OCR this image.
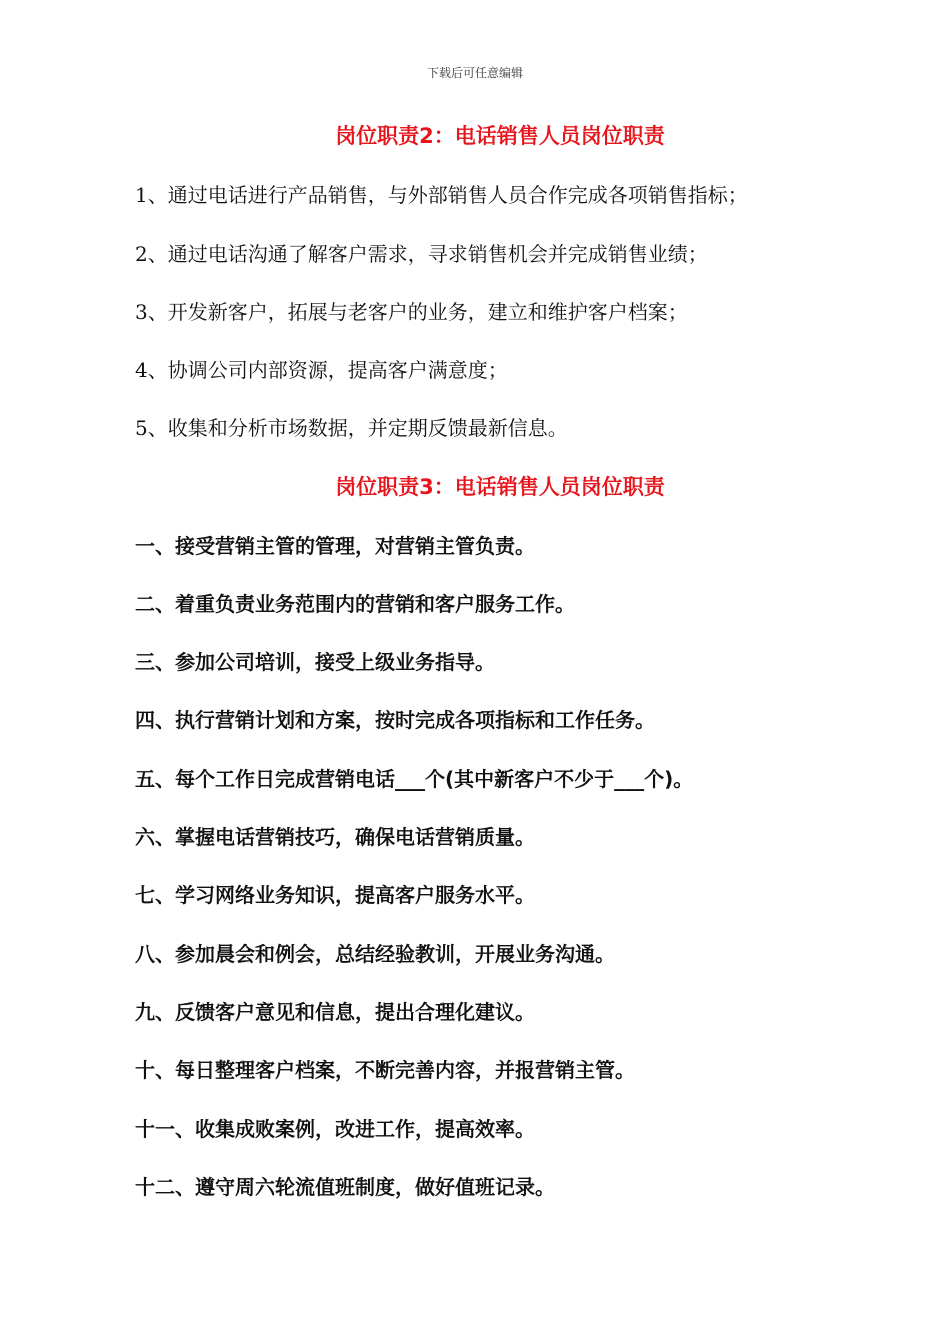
下载后可任意编辑
岗位职责2：电话销售人员岗位职责
1、通过电话进行产品销售，与外部销售人员合作完成各项销售指标；
2、通过电话沟通了解客户需求，寻求销售机会并完成销售业绩；
3、开发新客户，拓展与老客户的业务，建立和维护客户档案；
4、协调公司内部资源，提高客户满意度；
5、收集和分析市场数据，并定期反馈最新信息。
岗位职责3：电话销售人员岗位职责
一、接受营销主管的管理，对营销主管负责。
二、着重负责业务范围内的营销和客户服务工作。
三、参加公司培训，接受上级业务指导。
四、执行营销计划和方案，按时完成各项指标和工作任务。
五、每个工作日完成营销电话___个(其中新客户不少于___个)。
六、掌握电话营销技巧，确保电话营销质量。
七、学习网络业务知识，提高客户服务水平。
八、参加晨会和例会，总结经验教训，开展业务沟通。
九、反馈客户意见和信息，提出合理化建议。
十、每日整理客户档案，不断完善内容，并报营销主管。
十一、收集成败案例，改进工作，提高效率。
十二、遵守周六轮流值班制度，做好值班记录。
